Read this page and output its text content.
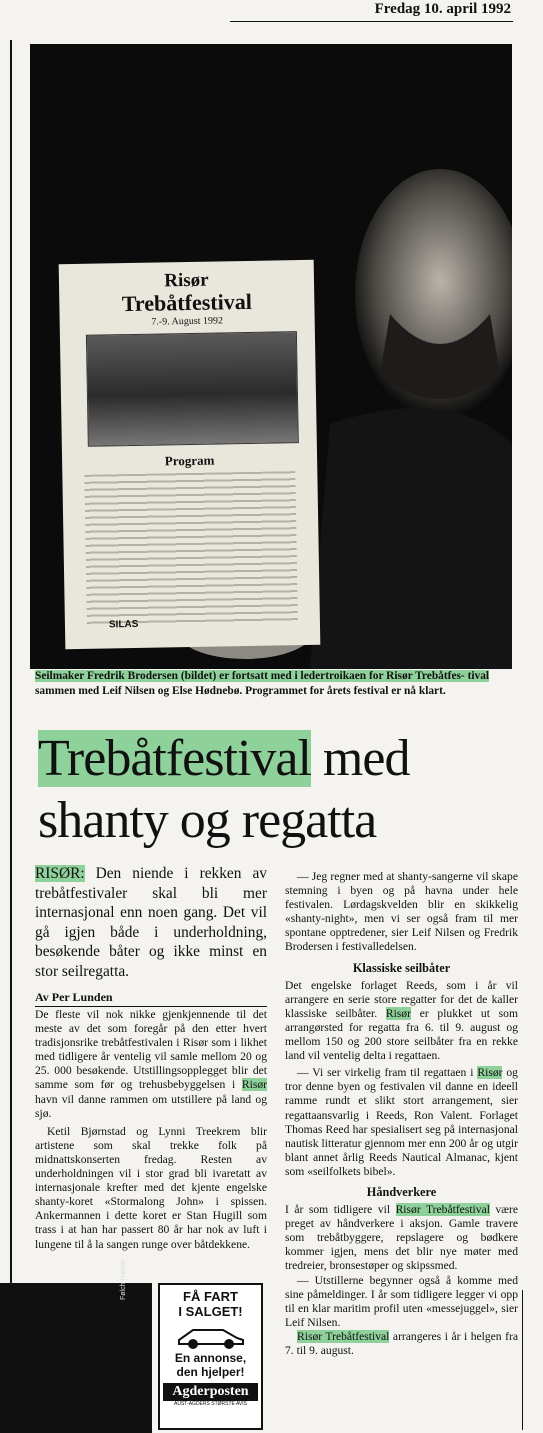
Fredag 10. april 1992
Risør
Trebåtfestival
7.-9. August 1992
Program
SILAS
Seilmaker Fredrik Brodersen (bildet) er fortsatt med i ledertroikaen for Risør Trebåtfes- tival sammen med Leif Nilsen og Else Hødnebø. Programmet for årets festival er nå klart.
Trebåtfestival med
shanty og regatta
RISØR: Den niende i rekken av trebåtfestivaler skal bli mer internasjonal enn noen gang. Det vil gå igjen både i underholdning, besøkende båter og ikke minst en stor seilregatta.
Av Per Lunden

De fleste vil nok nikke gjenkjennende til det meste av det som foregår på den etter hvert tradisjonsrike trebåtfestivalen i Risør som i likhet med tidligere år ventelig vil samle mellom 20 og 25. 000 besøkende. Utstillingsopplegget blir det samme som før og trehusbebyggelsen i Risør havn vil danne rammen om utstillere på land og sjø.

Ketil Bjørnstad og Lynni Treekrem blir artistene som skal trekke folk på midnattskonserten fredag. Resten av underholdningen vil i stor grad bli ivaretatt av internasjonale krefter med det kjente engelske shanty-koret «Stormalong John» i spissen. Ankermannen i dette koret er Stan Hugill som trass i at han har passert 80 år har nok av luft i lungene til å la sangen runge over båtdekkene.

— Jeg regner med at shanty-sangerne vil skape stemning i byen og på havna under hele festivalen. Lørdagskvelden blir en skikkelig «shanty-night», men vi ser også fram til mer spontane opptredener, sier Leif Nilsen og Fredrik Brodersen i festivalledelsen.

Klassiske seilbåter

Det engelske forlaget Reeds, som i år vil arrangere en serie store regatter for det de kaller klassiske seilbåter. Risør er plukket ut som arrangørsted for regatta fra 6. til 9. august og mellom 150 og 200 store seilbåter fra en rekke land vil ventelig delta i regattaen.

— Vi ser virkelig fram til regattaen i Risør og tror denne byen og festivalen vil danne en ideell ramme rundt et slikt stort arrangement, sier regattaansvarlig i Reeds, Ron Valent. Forlaget Thomas Reed har spesialisert seg på internasjonal nautisk litteratur gjennom mer enn 200 år og utgir blant annet årlig Reeds Nautical Almanac, kjent som «seilfolkets bibel».

Håndverkere

I år som tidligere vil Risør Trebåtfestival være preget av håndverkere i aksjon. Gamle travere som trebåtbyggere, repslagere og bødkere kommer igjen, mens det blir nye møter med tredreier, bronsestøper og skipssmed.

— Utstillerne begynner også å komme med sine påmeldinger. I år som tidligere legger vi opp til en klar maritim profil uten «messejuggel», sier Leif Nilsen.

Risør Trebåtfestival arrangeres i år i helgen fra 7. til 9. august.

Følch Hamar	FÅ FART
I SALGET!
En annonse,
den hjelper!
Agderposten
AUST-AGDERS STØRSTE AVIS
